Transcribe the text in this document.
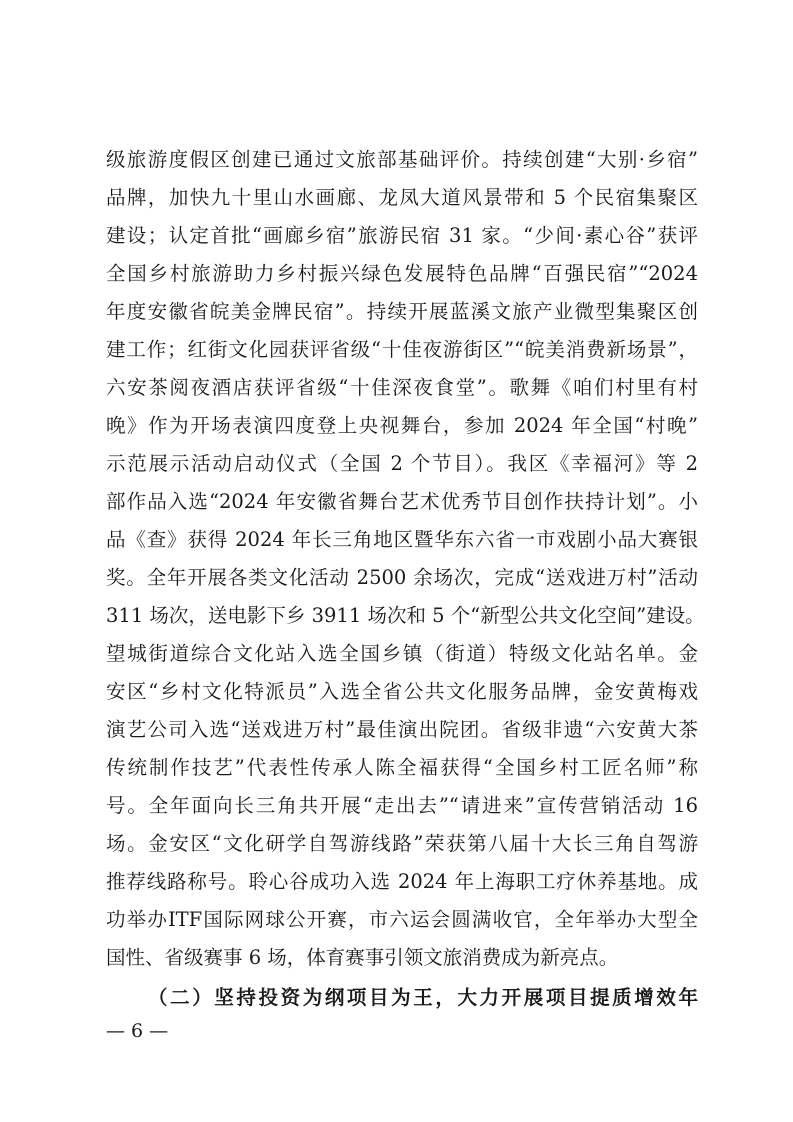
级旅游度假区创建已通过文旅部基础评价。持续创建“大别·乡宿”
品牌，加快九十里山水画廊、龙凤大道风景带和 5 个民宿集聚区
建设；认定首批“画廊乡宿”旅游民宿 31 家。“少间·素心谷”获评
全国乡村旅游助力乡村振兴绿色发展特色品牌“百强民宿”“2024
年度安徽省皖美金牌民宿”。持续开展蓝溪文旅产业微型集聚区创
建工作；红街文化园获评省级“十佳夜游街区”“皖美消费新场景”，
六安茶阅夜酒店获评省级“十佳深夜食堂”。歌舞《咱们村里有村
晚》作为开场表演四度登上央视舞台，参加 2024 年全国“村晚”
示范展示活动启动仪式（全国 2 个节目）。我区《幸福河》等 2
部作品入选“2024 年安徽省舞台艺术优秀节目创作扶持计划”。小
品《查》获得 2024 年长三角地区暨华东六省一市戏剧小品大赛银
奖。全年开展各类文化活动 2500 余场次，完成“送戏进万村”活动
311 场次，送电影下乡 3911 场次和 5 个“新型公共文化空间”建设。
望城街道综合文化站入选全国乡镇（街道）特级文化站名单。金
安区“乡村文化特派员”入选全省公共文化服务品牌，金安黄梅戏
演艺公司入选“送戏进万村”最佳演出院团。省级非遗“六安黄大茶
传统制作技艺”代表性传承人陈全福获得“全国乡村工匠名师”称
号。全年面向长三角共开展“走出去”“请进来”宣传营销活动 16
场。金安区“文化研学自驾游线路”荣获第八届十大长三角自驾游
推荐线路称号。聆心谷成功入选 2024 年上海职工疗休养基地。成
功举办ITF国际网球公开赛，市六运会圆满收官，全年举办大型全
国性、省级赛事 6 场，体育赛事引领文旅消费成为新亮点。
（二）坚持投资为纲项目为王，大力开展项目提质增效年
— 6 —
